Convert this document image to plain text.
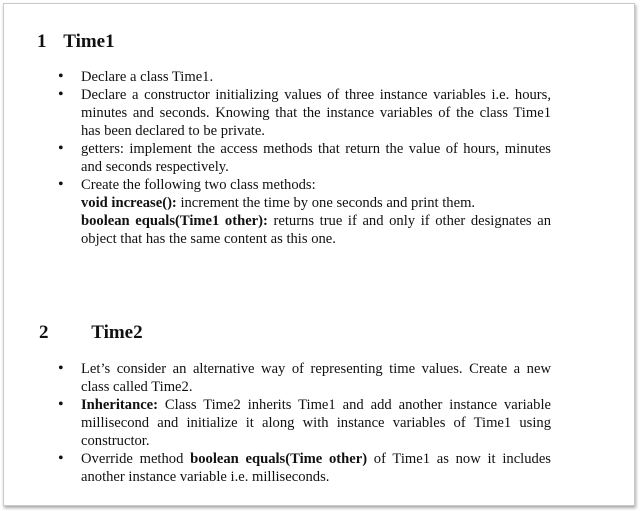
1 Time1
• Declare a class Time1.
• Declare a constructor initializing values of three instance variables i.e. hours, minutes and seconds. Knowing that the instance variables of the class Time1 has been declared to be private.
• getters: implement the access methods that return the value of hours, minutes and seconds respectively.
• Create the following two class methods:
void increase(): increment the time by one seconds and print them.
boolean equals(Time1 other): returns true if and only if other designates an object that has the same content as this one.
2 Time2
• Let’s consider an alternative way of representing time values. Create a new class called Time2.
• Inheritance: Class Time2 inherits Time1 and add another instance variable millisecond and initialize it along with instance variables of Time1 using constructor.
• Override method boolean equals(Time other) of Time1 as now it includes another instance variable i.e. milliseconds.
